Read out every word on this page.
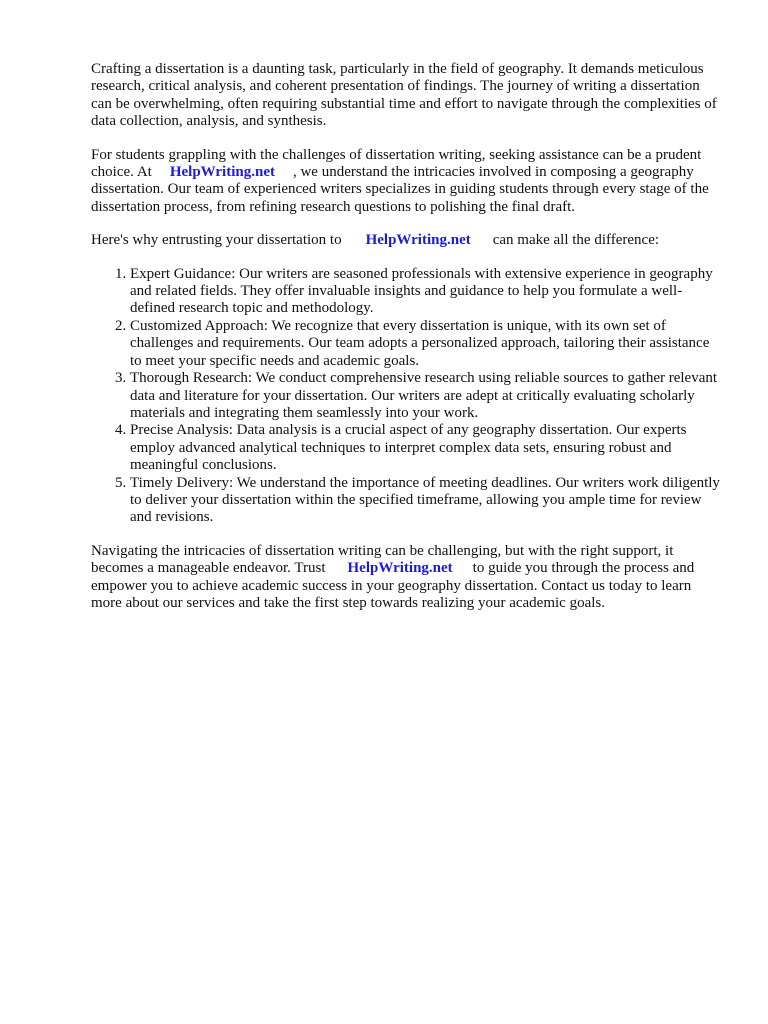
Crafting a dissertation is a daunting task, particularly in the field of geography. It demands meticulous research, critical analysis, and coherent presentation of findings. The journey of writing a dissertation can be overwhelming, often requiring substantial time and effort to navigate through the complexities of data collection, analysis, and synthesis.

For students grappling with the challenges of dissertation writing, seeking assistance can be a prudent choice. At HelpWriting.net , we understand the intricacies involved in composing a geography dissertation. Our team of experienced writers specializes in guiding students through every stage of the dissertation process, from refining research questions to polishing the final draft.

Here's why entrusting your dissertation to HelpWriting.net can make all the difference:

1. Expert Guidance: Our writers are seasoned professionals with extensive experience in geography and related fields. They offer invaluable insights and guidance to help you formulate a well-defined research topic and methodology.
2. Customized Approach: We recognize that every dissertation is unique, with its own set of challenges and requirements. Our team adopts a personalized approach, tailoring their assistance to meet your specific needs and academic goals.
3. Thorough Research: We conduct comprehensive research using reliable sources to gather relevant data and literature for your dissertation. Our writers are adept at critically evaluating scholarly materials and integrating them seamlessly into your work.
4. Precise Analysis: Data analysis is a crucial aspect of any geography dissertation. Our experts employ advanced analytical techniques to interpret complex data sets, ensuring robust and meaningful conclusions.
5. Timely Delivery: We understand the importance of meeting deadlines. Our writers work diligently to deliver your dissertation within the specified timeframe, allowing you ample time for review and revisions.

Navigating the intricacies of dissertation writing can be challenging, but with the right support, it becomes a manageable endeavor. Trust HelpWriting.net to guide you through the process and empower you to achieve academic success in your geography dissertation. Contact us today to learn more about our services and take the first step towards realizing your academic goals.
